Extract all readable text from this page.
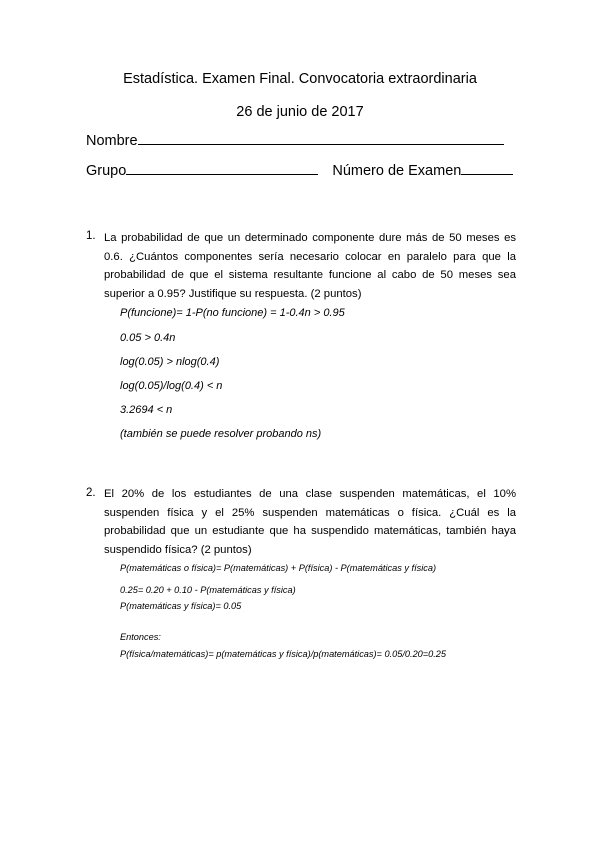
Estadística. Examen Final. Convocatoria extraordinaria
26 de junio de 2017
Nombre
Grupo	Número de Examen
1. La probabilidad de que un determinado componente dure más de 50 meses es 0.6. ¿Cuántos componentes sería necesario colocar en paralelo para que la probabilidad de que el sistema resultante funcione al cabo de 50 meses sea superior a 0.95? Justifique su respuesta. (2 puntos)
P(funcione)= 1-P(no funcione) = 1-0.4n > 0.95
0.05 > 0.4n
log(0.05) > nlog(0.4)
log(0.05)/log(0.4) < n
3.2694 < n
(también se puede resolver probando ns)
2. El 20% de los estudiantes de una clase suspenden matemáticas, el 10% suspenden física y el 25% suspenden matemáticas o física. ¿Cuál es la probabilidad que un estudiante que ha suspendido matemáticas, también haya suspendido física? (2 puntos)
P(matemáticas o física)= P(matemáticas) + P(física) - P(matemáticas y física)
0.25= 0.20 + 0.10 - P(matemáticas y física)
P(matemáticas y física)= 0.05
Entonces:
P(física/matemáticas)= p(matemáticas y física)/p(matemáticas)= 0.05/0.20=0.25
